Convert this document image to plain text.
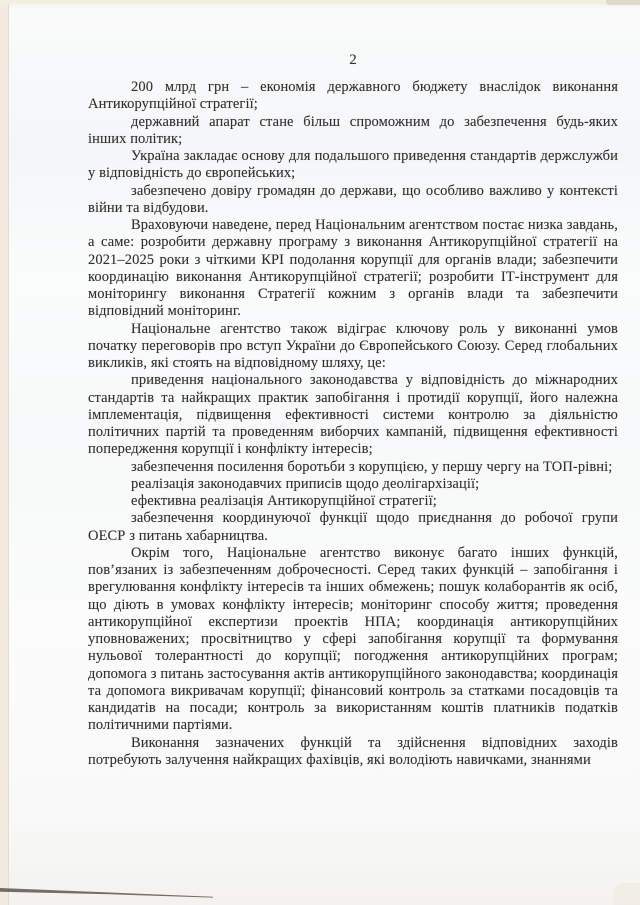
2

200 млрд грн – економія державного бюджету внаслідок виконання Антикорупційної стратегії;

державний апарат стане більш спроможним до забезпечення будь-яких інших політик;

Україна закладає основу для подальшого приведення стандартів держслужби у відповідність до європейських;

забезпечено довіру громадян до держави, що особливо важливо у контексті війни та відбудови.

Враховуючи наведене, перед Національним агентством постає низка завдань, а саме: розробити державну програму з виконання Антикорупційної стратегії на 2021–2025 роки з чіткими КРІ подолання корупції для органів влади; забезпечити координацію виконання Антикорупційної стратегії; розробити ІТ-інструмент для моніторингу виконання Стратегії кожним з органів влади та забезпечити відповідний моніторинг.

Національне агентство також відіграє ключову роль у виконанні умов початку переговорів про вступ України до Європейського Союзу. Серед глобальних викликів, які стоять на відповідному шляху, це:

приведення національного законодавства у відповідність до міжнародних стандартів та найкращих практик запобігання і протидії корупції, його належна імплементація, підвищення ефективності системи контролю за діяльністю політичних партій та проведенням виборчих кампаній, підвищення ефективності попередження корупції і конфлікту інтересів;

забезпечення посилення боротьби з корупцією, у першу чергу на ТОП-рівні;

реалізація законодавчих приписів щодо деолігархізації;

ефективна реалізація Антикорупційної стратегії;

забезпечення координуючої функції щодо приєднання до робочої групи ОЕСР з питань хабарництва.

Окрім того, Національне агентство виконує багато інших функцій, пов’язаних із забезпеченням доброчесності. Серед таких функцій – запобігання і врегулювання конфлікту інтересів та інших обмежень; пошук колаборантів як осіб, що діють в умовах конфлікту інтересів; моніторинг способу життя; проведення антикорупційної експертизи проектів НПА; координація антикорупційних уповноважених; просвітництво у сфері запобігання корупції та формування нульової толерантності до корупції; погодження антикорупційних програм; допомога з питань застосування актів антикорупційного законодавства; координація та допомога викривачам корупції; фінансовий контроль за статками посадовців та кандидатів на посади; контроль за використанням коштів платників податків політичними партіями.

Виконання зазначених функцій та здійснення відповідних заходів потребують залучення найкращих фахівців, які володіють навичками, знаннями
